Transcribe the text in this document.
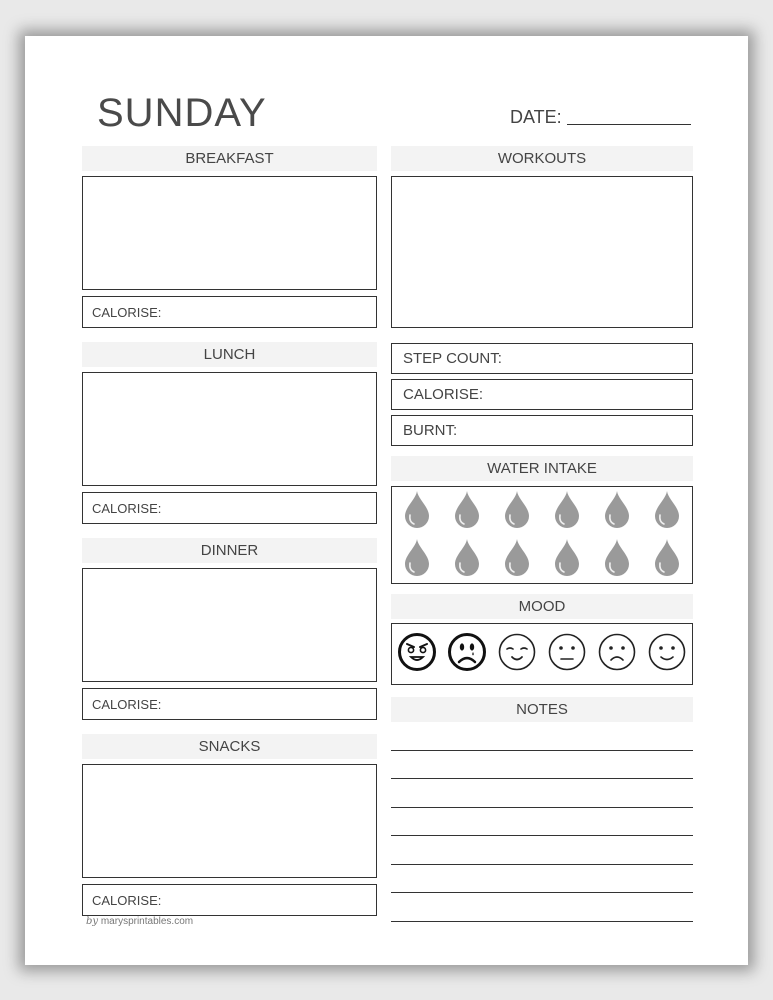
SUNDAY	DATE:
BREAKFAST
CALORISE:
LUNCH
CALORISE:
DINNER
CALORISE:
SNACKS
CALORISE:
by marysprintables.com
WORKOUTS
STEP COUNT:
CALORISE:
BURNT:
WATER INTAKE
MOOD
NOTES
